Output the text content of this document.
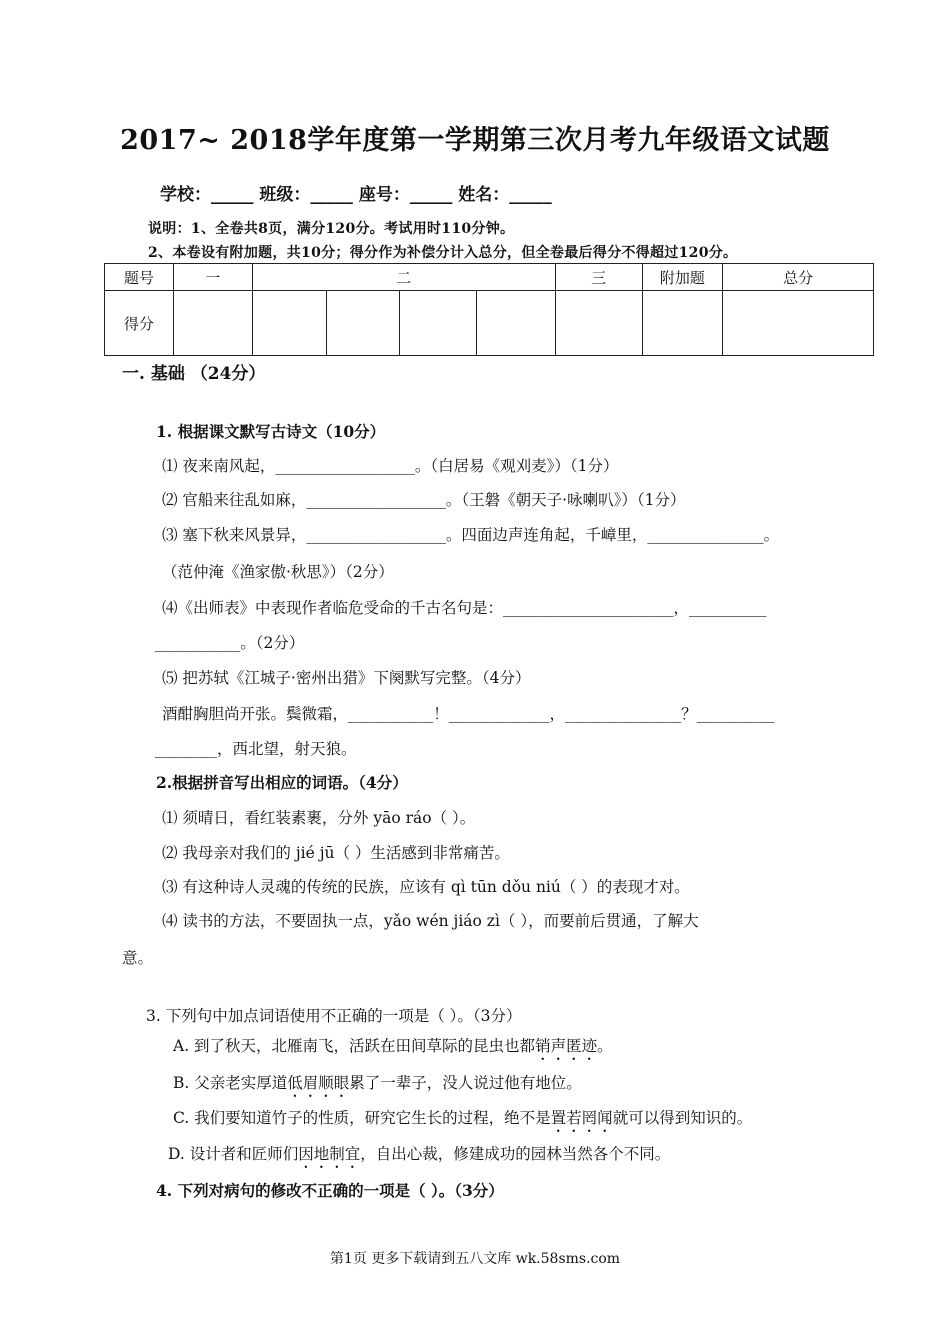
2017~ 2018学年度第一学期第三次月考九年级语文试题
学校：_____ 班级：_____ 座号：_____ 姓名：_____
说明：1、全卷共8页，满分120分。考试用时110分钟。
2、本卷设有附加题，共10分；得分作为补偿分计入总分，但全卷最后得分不得超过120分。
题号	一	二				三	附加题	总分
得分								
一. 基础 （24分）
1. 根据课文默写古诗文（10分）
⑴ 夜来南风起，__________________。（白居易《观刈麦》）（1分）
⑵ 官船来往乱如麻，__________________。（王磐《朝天子·咏喇叭》）（1分）
⑶ 塞下秋来风景异，__________________。四面边声连角起，千嶂里，_______________。
（范仲淹《渔家傲·秋思》）（2分）
⑷《出师表》中表现作者临危受命的千古名句是：______________________，__________
___________。（2分）
⑸ 把苏轼《江城子·密州出猎》下阕默写完整。（4分）
酒酣胸胆尚开张。鬓微霜，___________！_____________，_______________？__________
________，西北望，射天狼。
2.根据拼音写出相应的词语。（4分）
⑴ 须晴日，看红装素裹，分外 yāo ráo（ ）。
⑵ 我母亲对我们的 jié jū（ ）生活感到非常痛苦。
⑶ 有这种诗人灵魂的传统的民族，应该有 qì tūn dǒu niú（ ）的表现才对。
⑷ 读书的方法，不要固执一点，yǎo wén jiáo zì（ ），而要前后贯通，了解大
意。
3. 下列句中加点词语使用不正确的一项是（ ）。（3分）
A. 到了秋天，北雁南飞，活跃在田间草际的昆虫也都销声匿迹。
B. 父亲老实厚道低眉顺眼累了一辈子，没人说过他有地位。
C. 我们要知道竹子的性质，研究它生长的过程，绝不是置若罔闻就可以得到知识的。
D. 设计者和匠师们因地制宜，自出心裁，修建成功的园林当然各个不同。
4. 下列对病句的修改不正确的一项是（ ）。（3分）
第1页 更多下载请到五八文库 wk.58sms.com
